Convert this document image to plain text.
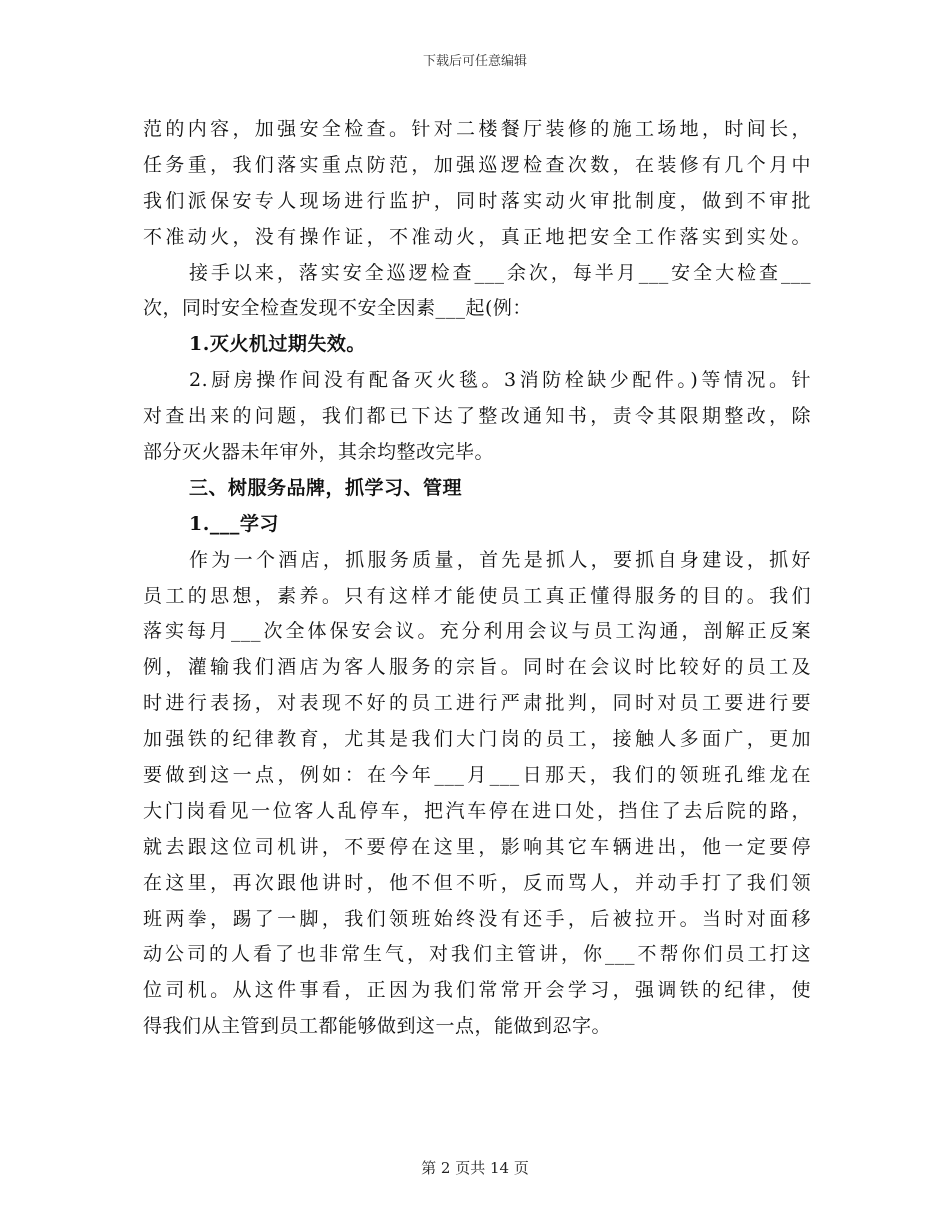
下载后可任意编辑
范的内容，加强安全检查。针对二楼餐厅装修的施工场地，时间长，
任务重，我们落实重点防范，加强巡逻检查次数，在装修有几个月中
我们派保安专人现场进行监护，同时落实动火审批制度，做到不审批
不准动火，没有操作证，不准动火，真正地把安全工作落实到实处。
接手以来，落实安全巡逻检查___余次，每半月___安全大检查___
次，同时安全检查发现不安全因素___起(例：
1.灭火机过期失效。
2.厨房操作间没有配备灭火毯。3消防栓缺少配件。)等情况。针
对查出来的问题，我们都已下达了整改通知书，责令其限期整改，除
部分灭火器未年审外，其余均整改完毕。
三、树服务品牌，抓学习、管理
1.___学习
作为一个酒店，抓服务质量，首先是抓人，要抓自身建设，抓好
员工的思想，素养。只有这样才能使员工真正懂得服务的目的。我们
落实每月___次全体保安会议。充分利用会议与员工沟通，剖解正反案
例，灌输我们酒店为客人服务的宗旨。同时在会议时比较好的员工及
时进行表扬，对表现不好的员工进行严肃批判，同时对员工要进行要
加强铁的纪律教育，尤其是我们大门岗的员工，接触人多面广，更加
要做到这一点，例如：在今年___月___日那天，我们的领班孔维龙在
大门岗看见一位客人乱停车，把汽车停在进口处，挡住了去后院的路，
就去跟这位司机讲，不要停在这里，影响其它车辆进出，他一定要停
在这里，再次跟他讲时，他不但不听，反而骂人，并动手打了我们领
班两拳，踢了一脚，我们领班始终没有还手，后被拉开。当时对面移
动公司的人看了也非常生气，对我们主管讲，你___不帮你们员工打这
位司机。从这件事看，正因为我们常常开会学习，强调铁的纪律，使
得我们从主管到员工都能够做到这一点，能做到忍字。
第 2 页共 14 页
